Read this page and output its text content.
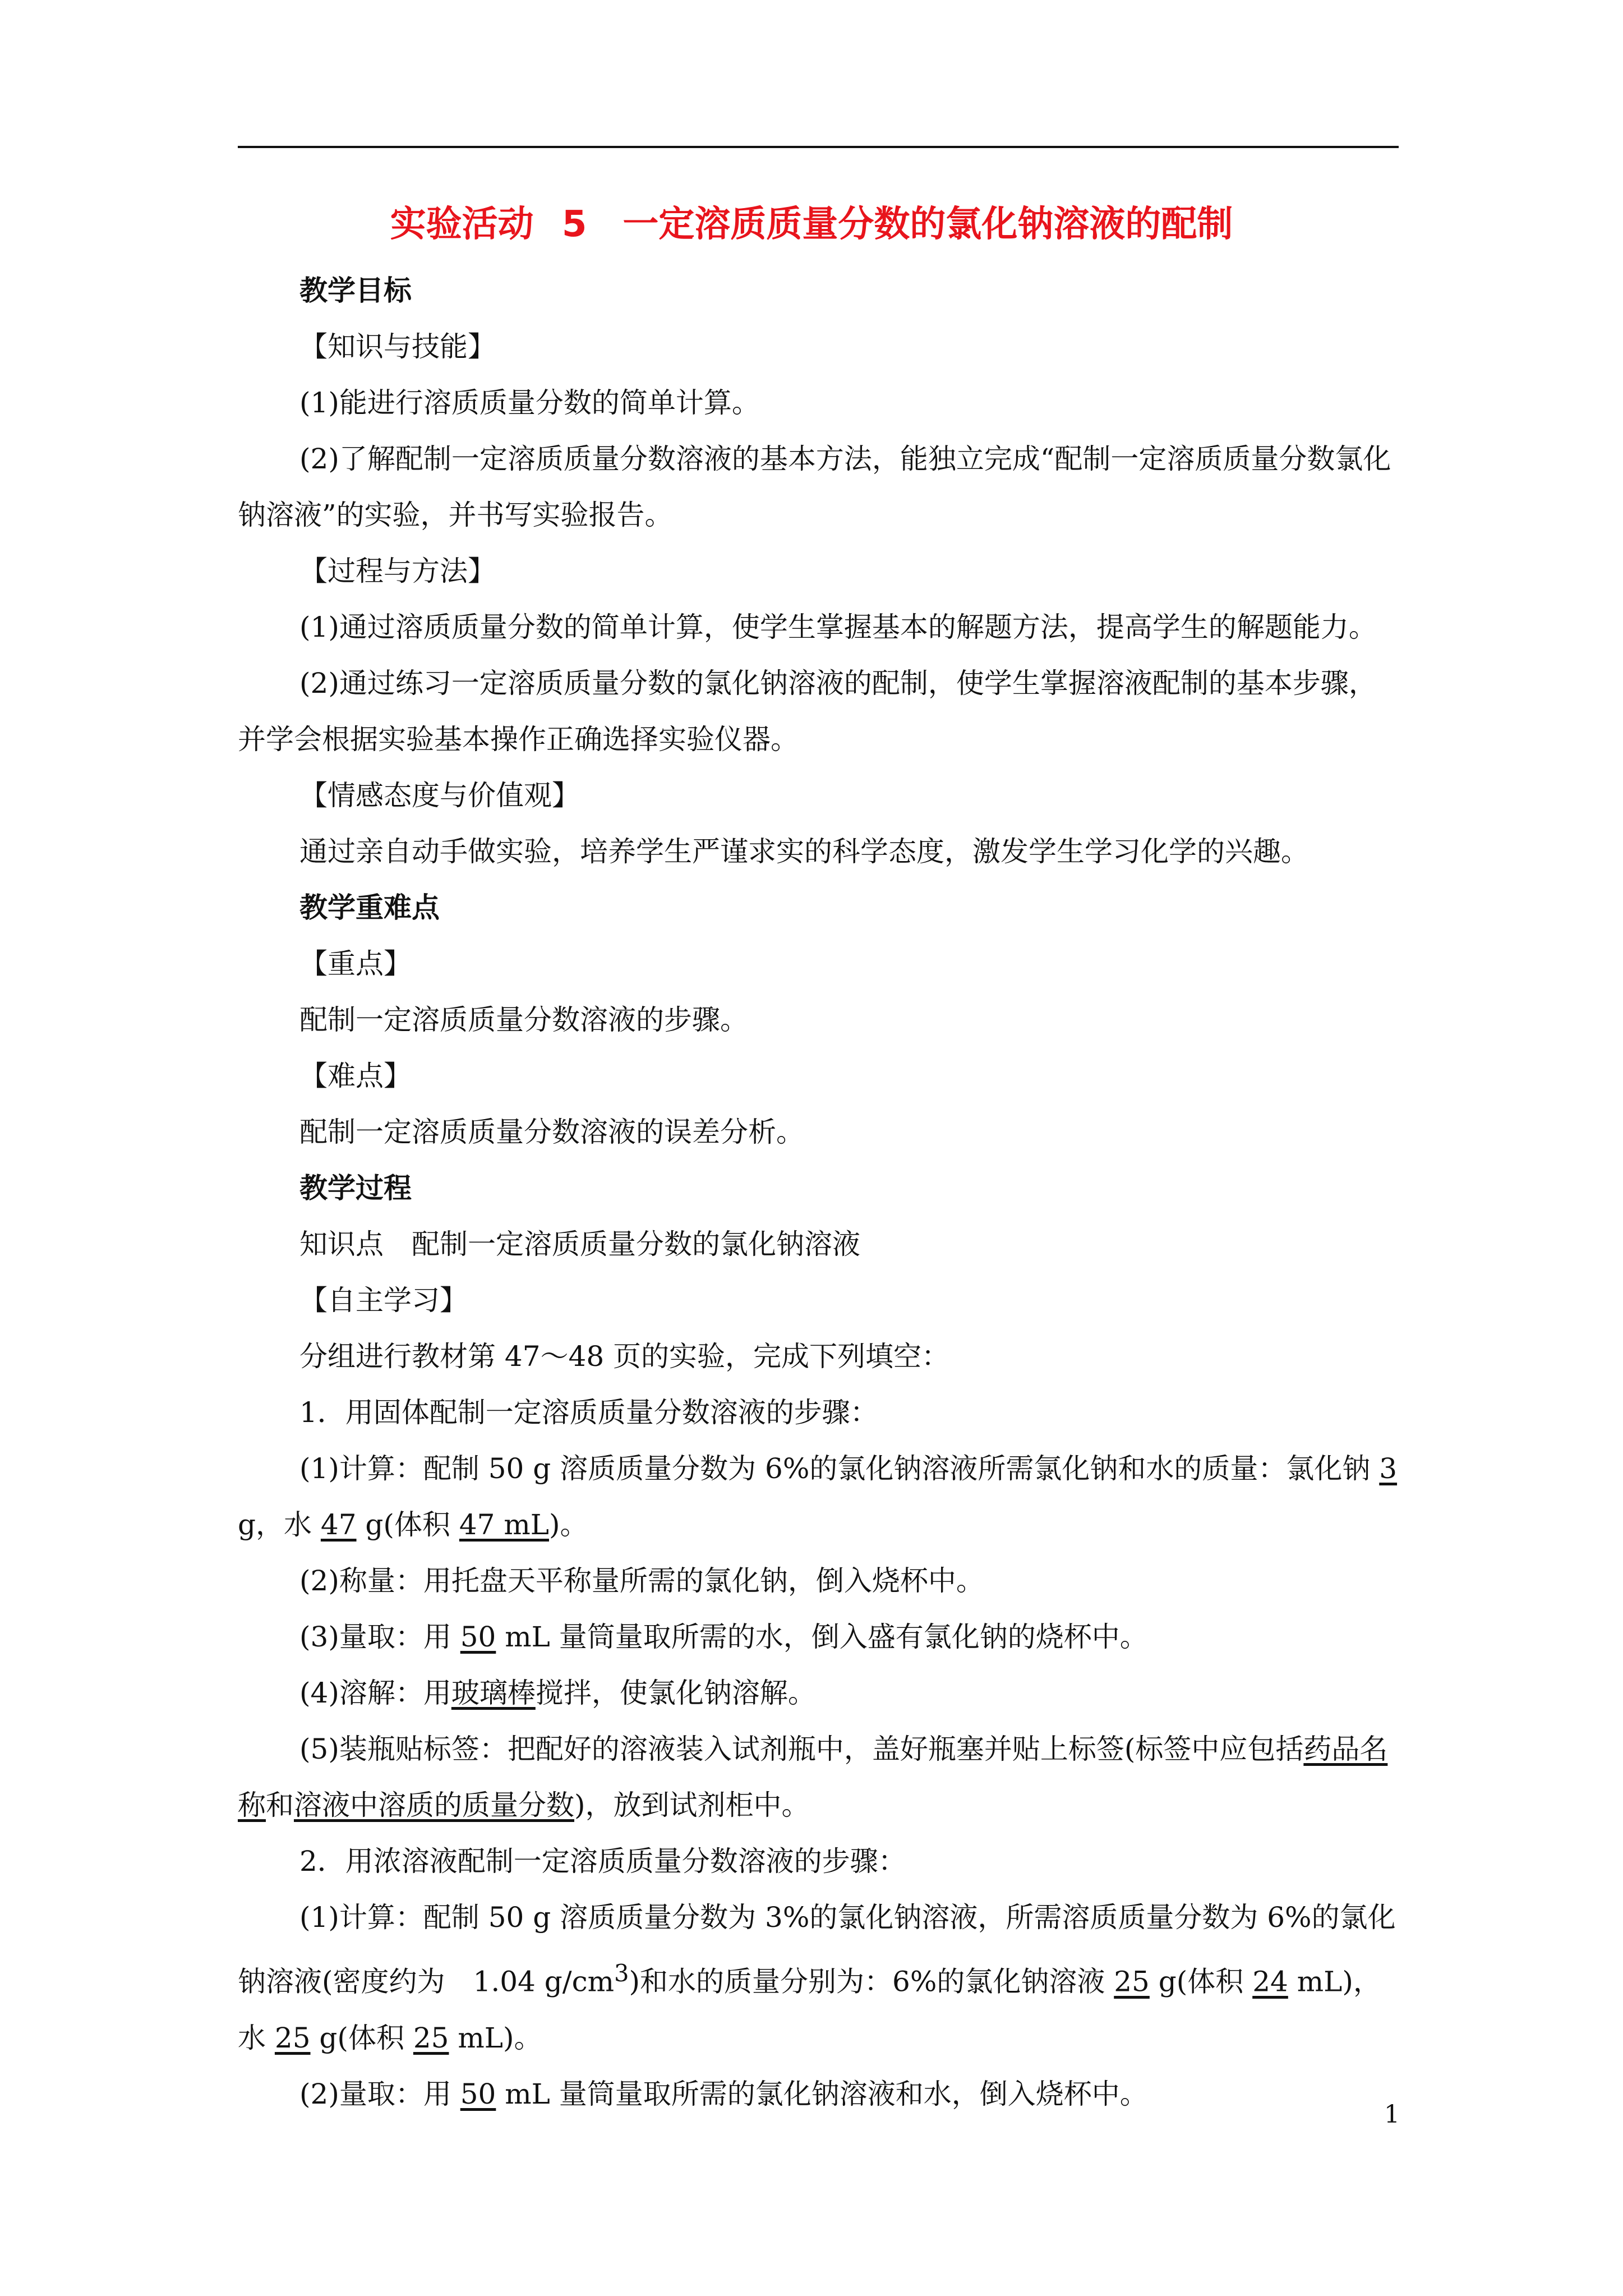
实验活动 5　一定溶质质量分数的氯化钠溶液的配制

教学目标

【知识与技能】

(1)能进行溶质质量分数的简单计算。

(2)了解配制一定溶质质量分数溶液的基本方法，能独立完成“配制一定溶质质量分数氯化钠溶液”的实验，并书写实验报告。

【过程与方法】

(1)通过溶质质量分数的简单计算，使学生掌握基本的解题方法，提高学生的解题能力。

(2)通过练习一定溶质质量分数的氯化钠溶液的配制，使学生掌握溶液配制的基本步骤，并学会根据实验基本操作正确选择实验仪器。

【情感态度与价值观】

通过亲自动手做实验，培养学生严谨求实的科学态度，激发学生学习化学的兴趣。

教学重难点

【重点】

配制一定溶质质量分数溶液的步骤。

【难点】

配制一定溶质质量分数溶液的误差分析。

教学过程

知识点　配制一定溶质质量分数的氯化钠溶液

【自主学习】

分组进行教材第 47～48 页的实验，完成下列填空：

1．用固体配制一定溶质质量分数溶液的步骤：

(1)计算：配制 50 g 溶质质量分数为 6%的氯化钠溶液所需氯化钠和水的质量：氯化钠 3 g，水 47 g(体积 47 mL)。

(2)称量：用托盘天平称量所需的氯化钠，倒入烧杯中。

(3)量取：用 50 mL 量筒量取所需的水，倒入盛有氯化钠的烧杯中。

(4)溶解：用玻璃棒搅拌，使氯化钠溶解。

(5)装瓶贴标签：把配好的溶液装入试剂瓶中，盖好瓶塞并贴上标签(标签中应包括药品名称和溶液中溶质的质量分数)，放到试剂柜中。

2．用浓溶液配制一定溶质质量分数溶液的步骤：

(1)计算：配制 50 g 溶质质量分数为 3%的氯化钠溶液，所需溶质质量分数为 6%的氯化钠溶液(密度约为　1.04 $g/cm^3$)和水的质量分别为：6%的氯化钠溶液 25 g(体积 24 mL)，水 25 g(体积 25 mL)。

(2)量取：用 50 mL 量筒量取所需的氯化钠溶液和水，倒入烧杯中。

1
